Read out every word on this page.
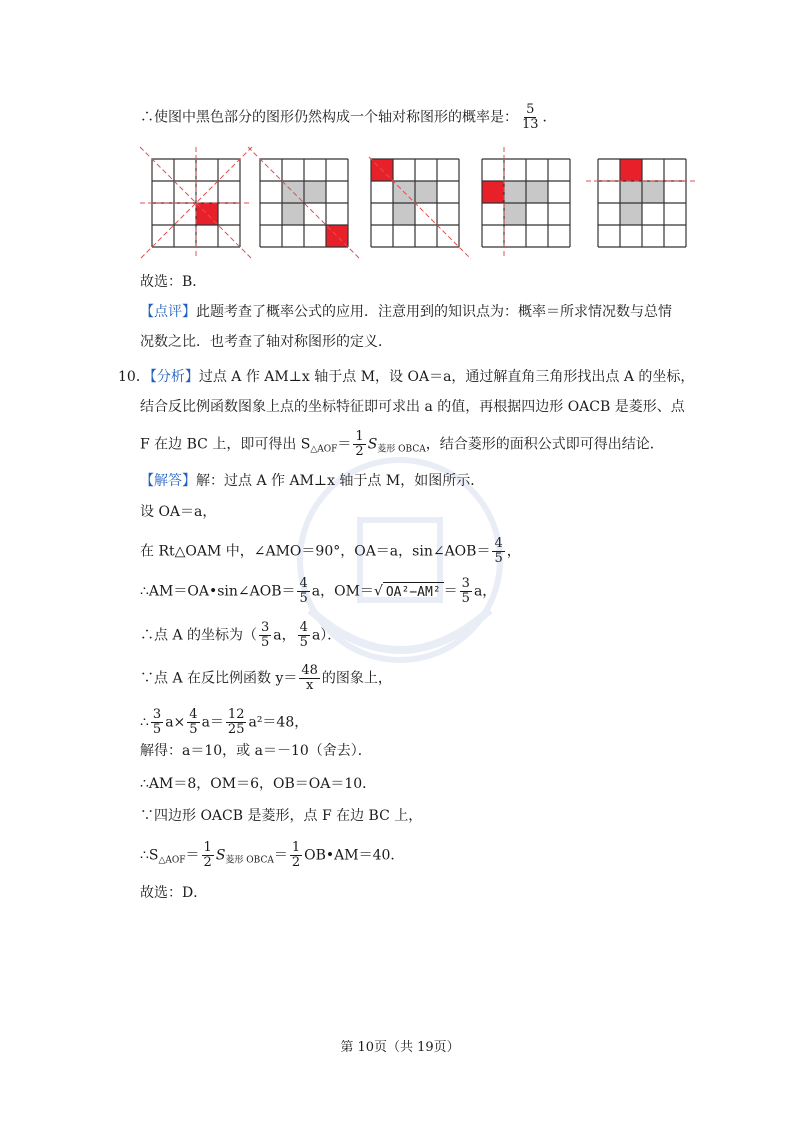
∴使图中黑色部分的图形仍然构成一个轴对称图形的概率是： $\frac{5}{13}$ ．
故选：B．
【点评】此题考查了概率公式的应用．注意用到的知识点为：概率＝所求情况数与总情
况数之比．也考查了轴对称图形的定义．
10．【分析】过点 A 作 AM⊥x 轴于点 M，设 OA＝a，通过解直角三角形找出点 A 的坐标，
结合反比例函数图象上点的坐标特征即可求出 a 的值，再根据四边形 OACB 是菱形、点
F 在边 BC 上，即可得出 $S_{\triangle AOF}= \frac{1}{2} S_{菱形 OBCA}$，结合菱形的面积公式即可得出结论．
【解答】解：过点 A 作 AM⊥x 轴于点 M，如图所示．
设 OA＝a，
在 Rt△OAM 中，∠AMO＝90°，OA＝a，sin∠AOB＝ $\frac{4}{5}$ ，
∴AM＝OA•sin∠AOB＝ $\frac{4}{5}$ a，OM＝√ $OA^2-AM^2 = \frac{3}{5}$ a，
∴点 A 的坐标为（ $\frac{3}{5}$ a， $\frac{4}{5} a$）．
∵点 A 在反比例函数 $y= \frac{48}{x}$ 的图象上，
∴ $\frac{3}{5} a\times \frac{4}{5} a= \frac{12}{25} a^2=48$，
解得：a＝10，或 a＝－10（舍去）．
∴AM＝8，OM＝6，OB＝OA＝10．
∵四边形 OACB 是菱形，点 F 在边 BC 上，
$\therefore S_{\triangle AOF}= \frac{1}{2} S_{菱形 OBCA}= \frac{1}{2}$ OB•AM＝40．
故选：D．
第 10页（共 19页）
